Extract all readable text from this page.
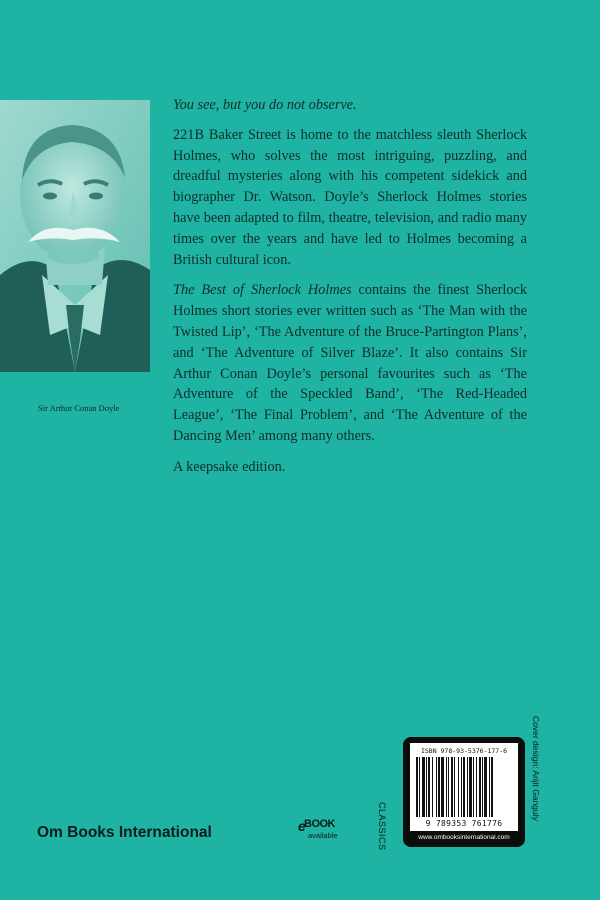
Sir Arthur Conan Doyle

You see, but you do not observe.

221B Baker Street is home to the matchless sleuth Sherlock Holmes, who solves the most intriguing, puzzling, and dreadful mysteries along with his competent sidekick and biographer Dr. Watson. Doyle’s Sherlock Holmes stories have been adapted to film, theatre, television, and radio many times over the years and have led to Holmes becoming a British cultural icon.

The Best of Sherlock Holmes contains the finest Sherlock Holmes short stories ever written such as ‘The Man with the Twisted Lip’, ‘The Adventure of the Bruce-Partington Plans’, and ‘The Adventure of Silver Blaze’. It also contains Sir Arthur Conan Doyle’s personal favourites such as ‘The Adventure of the Speckled Band’, ‘The Red-Headed League’, ‘The Final Problem’, and ‘The Adventure of the Dancing Men’ among many others.

A keepsake edition.

Om Books International	e
BOOK
available	CLASSICS
Cover design: Arijit Ganguly
ISBN 978-93-5376-177-6
9 789353 761776
www.ombooksinternational.com
